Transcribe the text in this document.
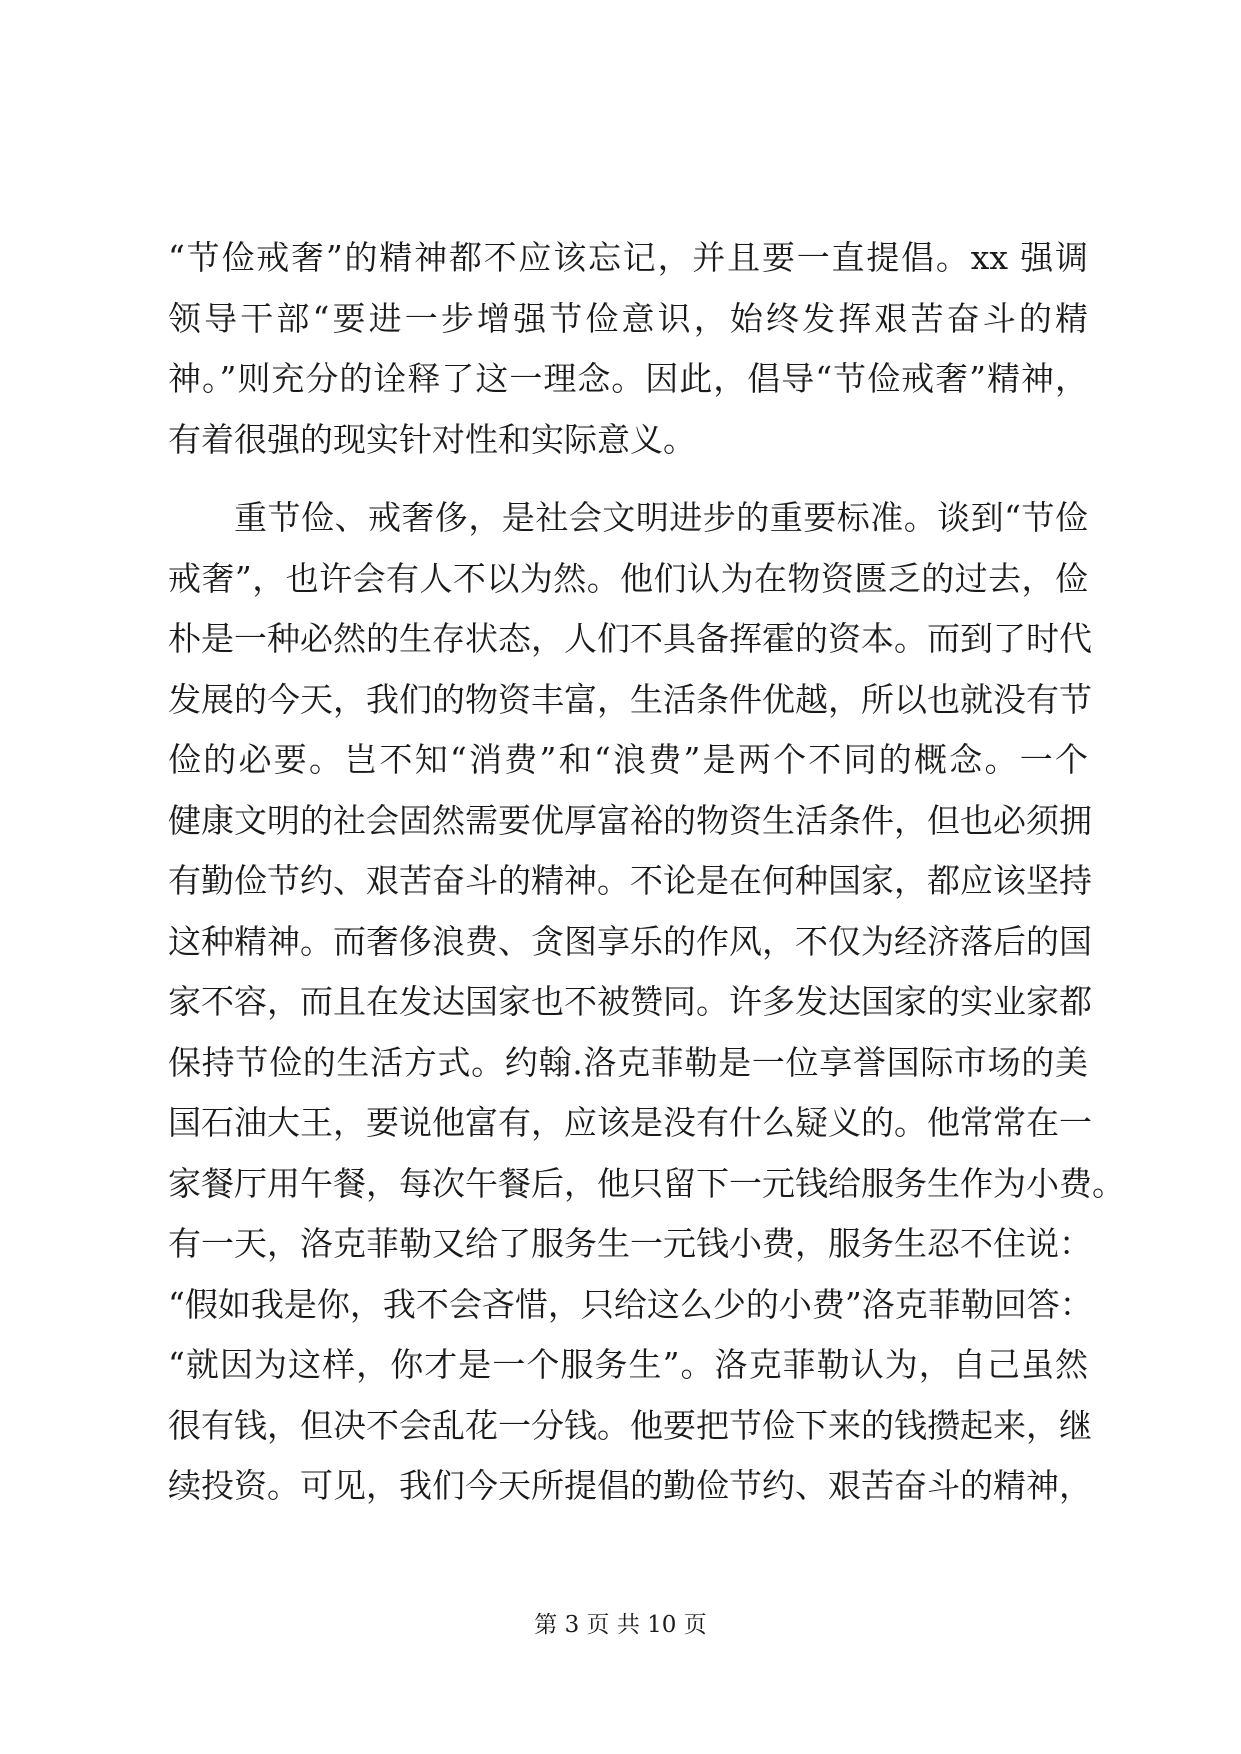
“节俭戒奢”的精神都不应该忘记，并且要一直提倡。xx 强调
领导干部“要进一步增强节俭意识，始终发挥艰苦奋斗的精
神。”则充分的诠释了这一理念。因此，倡导“节俭戒奢”精神，
有着很强的现实针对性和实际意义。
重节俭、戒奢侈，是社会文明进步的重要标准。谈到“节俭
戒奢”，也许会有人不以为然。他们认为在物资匮乏的过去，俭
朴是一种必然的生存状态，人们不具备挥霍的资本。而到了时代
发展的今天，我们的物资丰富，生活条件优越，所以也就没有节
俭的必要。岂不知“消费”和“浪费”是两个不同的概念。一个
健康文明的社会固然需要优厚富裕的物资生活条件，但也必须拥
有勤俭节约、艰苦奋斗的精神。不论是在何种国家，都应该坚持
这种精神。而奢侈浪费、贪图享乐的作风，不仅为经济落后的国
家不容，而且在发达国家也不被赞同。许多发达国家的实业家都
保持节俭的生活方式。约翰.洛克菲勒是一位享誉国际市场的美
国石油大王，要说他富有，应该是没有什么疑义的。他常常在一
家餐厅用午餐，每次午餐后，他只留下一元钱给服务生作为小费。
有一天，洛克菲勒又给了服务生一元钱小费，服务生忍不住说：
“假如我是你，我不会吝惜，只给这么少的小费”洛克菲勒回答：
“就因为这样，你才是一个服务生”。洛克菲勒认为，自己虽然
很有钱，但决不会乱花一分钱。他要把节俭下来的钱攒起来，继
续投资。可见，我们今天所提倡的勤俭节约、艰苦奋斗的精神，
第 3 页 共 10 页
